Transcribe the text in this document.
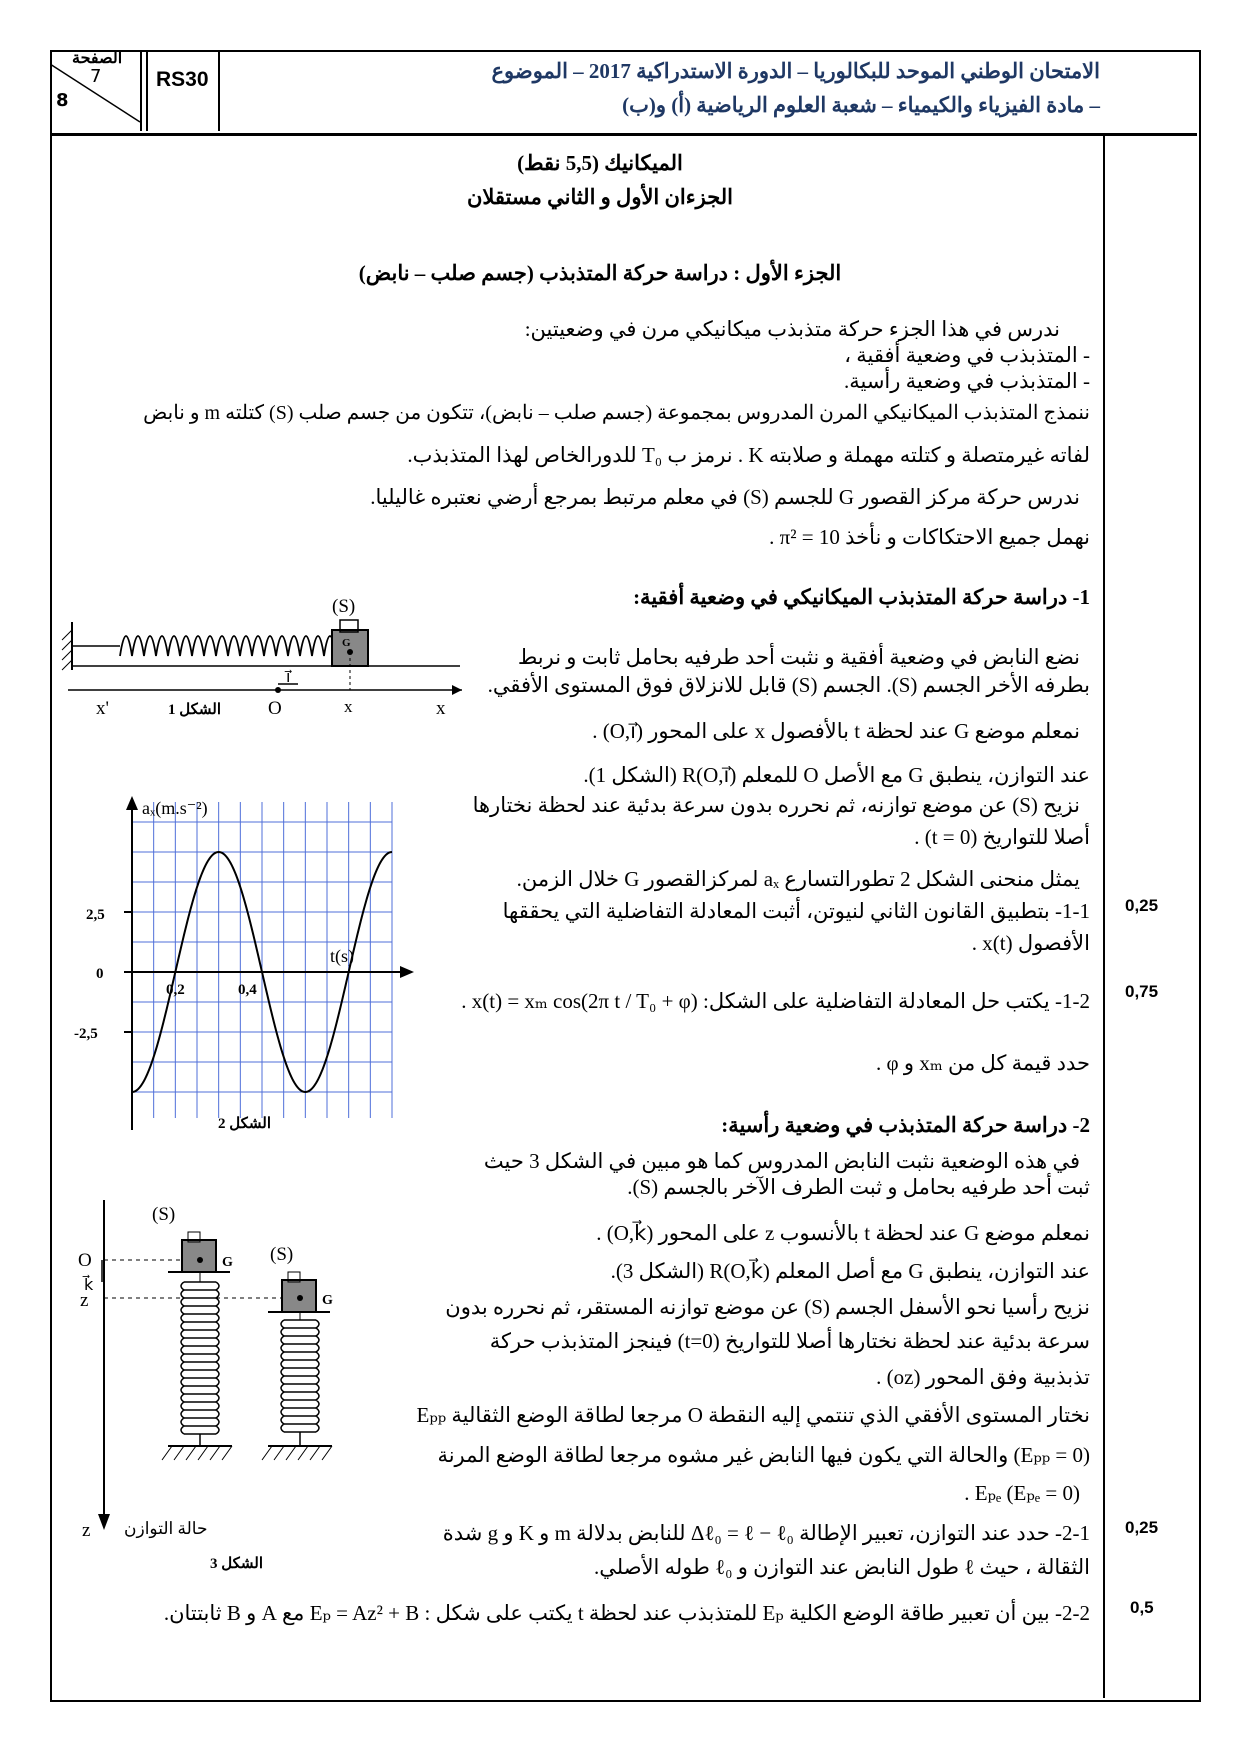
الصفحة
7
8
RS30	الامتحان الوطني الموحد للبكالوريا – الدورة الاستدراكية 2017 – الموضوع
– مادة الفيزياء والكيمياء – شعبة العلوم الرياضية (أ) و(ب)
الميكانيك (5,5 نقط)
الجزءان الأول و الثاني مستقلان
الجزء الأول : دراسة حركة المتذبذب (جسم صلب – نابض)
ندرس في هذا الجزء حركة متذبذب ميكانيكي مرن في وضعيتين:
- المتذبذب في وضعية أفقية ،
- المتذبذب في وضعية رأسية.
ننمذج المتذبذب الميكانيكي المرن المدروس بمجموعة (جسم صلب – نابض)، تتكون من جسم صلب (S) كتلته m و نابض
لفاته غيرمتصلة و كتلته مهملة و صلابته K . نرمز ب T₀ للدورالخاص لهذا المتذبذب.
ندرس حركة مركز القصور G للجسم (S) في معلم مرتبط بمرجع أرضي نعتبره غاليليا.
نهمل جميع الاحتكاكات و نأخذ π² = 10 .
1- دراسة حركة المتذبذب الميكانيكي في وضعية أفقية:
نضع النابض في وضعية أفقية و نثبت أحد طرفيه بحامل ثابت و نربط
بطرفه الأخر الجسم (S). الجسم (S) قابل للانزلاق فوق المستوى الأفقي.
نمعلم موضع G عند لحظة t بالأفصول x على المحور (O,i⃗) .
عند التوازن، ينطبق G مع الأصل O للمعلم R(O,i⃗) (الشكل 1).
نزيح (S) عن موضع توازنه، ثم نحرره بدون سرعة بدئية عند لحظة نختارها
أصلا للتواريخ (t = 0) .
يمثل منحنى الشكل 2 تطورالتسارع aₓ لمركزالقصور G خلال الزمن.
1-1- بتطبيق القانون الثاني لنيوتن، أثبت المعادلة التفاضلية التي يحققها
الأفصول x(t) .
1-2- يكتب حل المعادلة التفاضلية على الشكل: x(t) = xₘ cos(2π t / T₀ + φ) .
حدد قيمة كل من xₘ و φ .
2- دراسة حركة المتذبذب في وضعية رأسية:
في هذه الوضعية نثبت النابض المدروس كما هو مبين في الشكل 3 حيث
ثبت أحد طرفيه بحامل و ثبت الطرف الآخر بالجسم (S).
نمعلم موضع G عند لحظة t بالأنسوب z على المحور (O,k⃗) .
عند التوازن، ينطبق G مع أصل المعلم R(O,k⃗) (الشكل 3).
نزيح رأسيا نحو الأسفل الجسم (S) عن موضع توازنه المستقر، ثم نحرره بدون
سرعة بدئية عند لحظة نختارها أصلا للتواريخ (t=0) فينجز المتذبذب حركة
تذبذبية وفق المحور (oz) .
نختار المستوى الأفقي الذي تنتمي إليه النقطة O مرجعا لطاقة الوضع الثقالية Eₚₚ
(Eₚₚ = 0) والحالة التي يكون فيها النابض غير مشوه مرجعا لطاقة الوضع المرنة
Eₚₑ (Eₚₑ = 0) .
2-1- حدد عند التوازن، تعبير الإطالة Δℓ₀ = ℓ − ℓ₀ للنابض بدلالة m و K و g شدة
الثقالة ، حيث ℓ طول النابض عند التوازن و ℓ₀ طوله الأصلي.
2-2- بين أن تعبير طاقة الوضع الكلية Eₚ للمتذبذب عند لحظة t يكتب على شكل : Eₚ = Az² + B مع A و B ثابتتان.
0,25
0,75
0,25
0,5
(S)
G
O
i⃗
x	x
x'	الشكل 1
aₓ(m.s⁻²)
t(s)
0,2	0,4
2,5
0
-2,5
الشكل 2
(S)
(S)
G
G
O
k⃗
z
z حالة التوازن
الشكل 3
